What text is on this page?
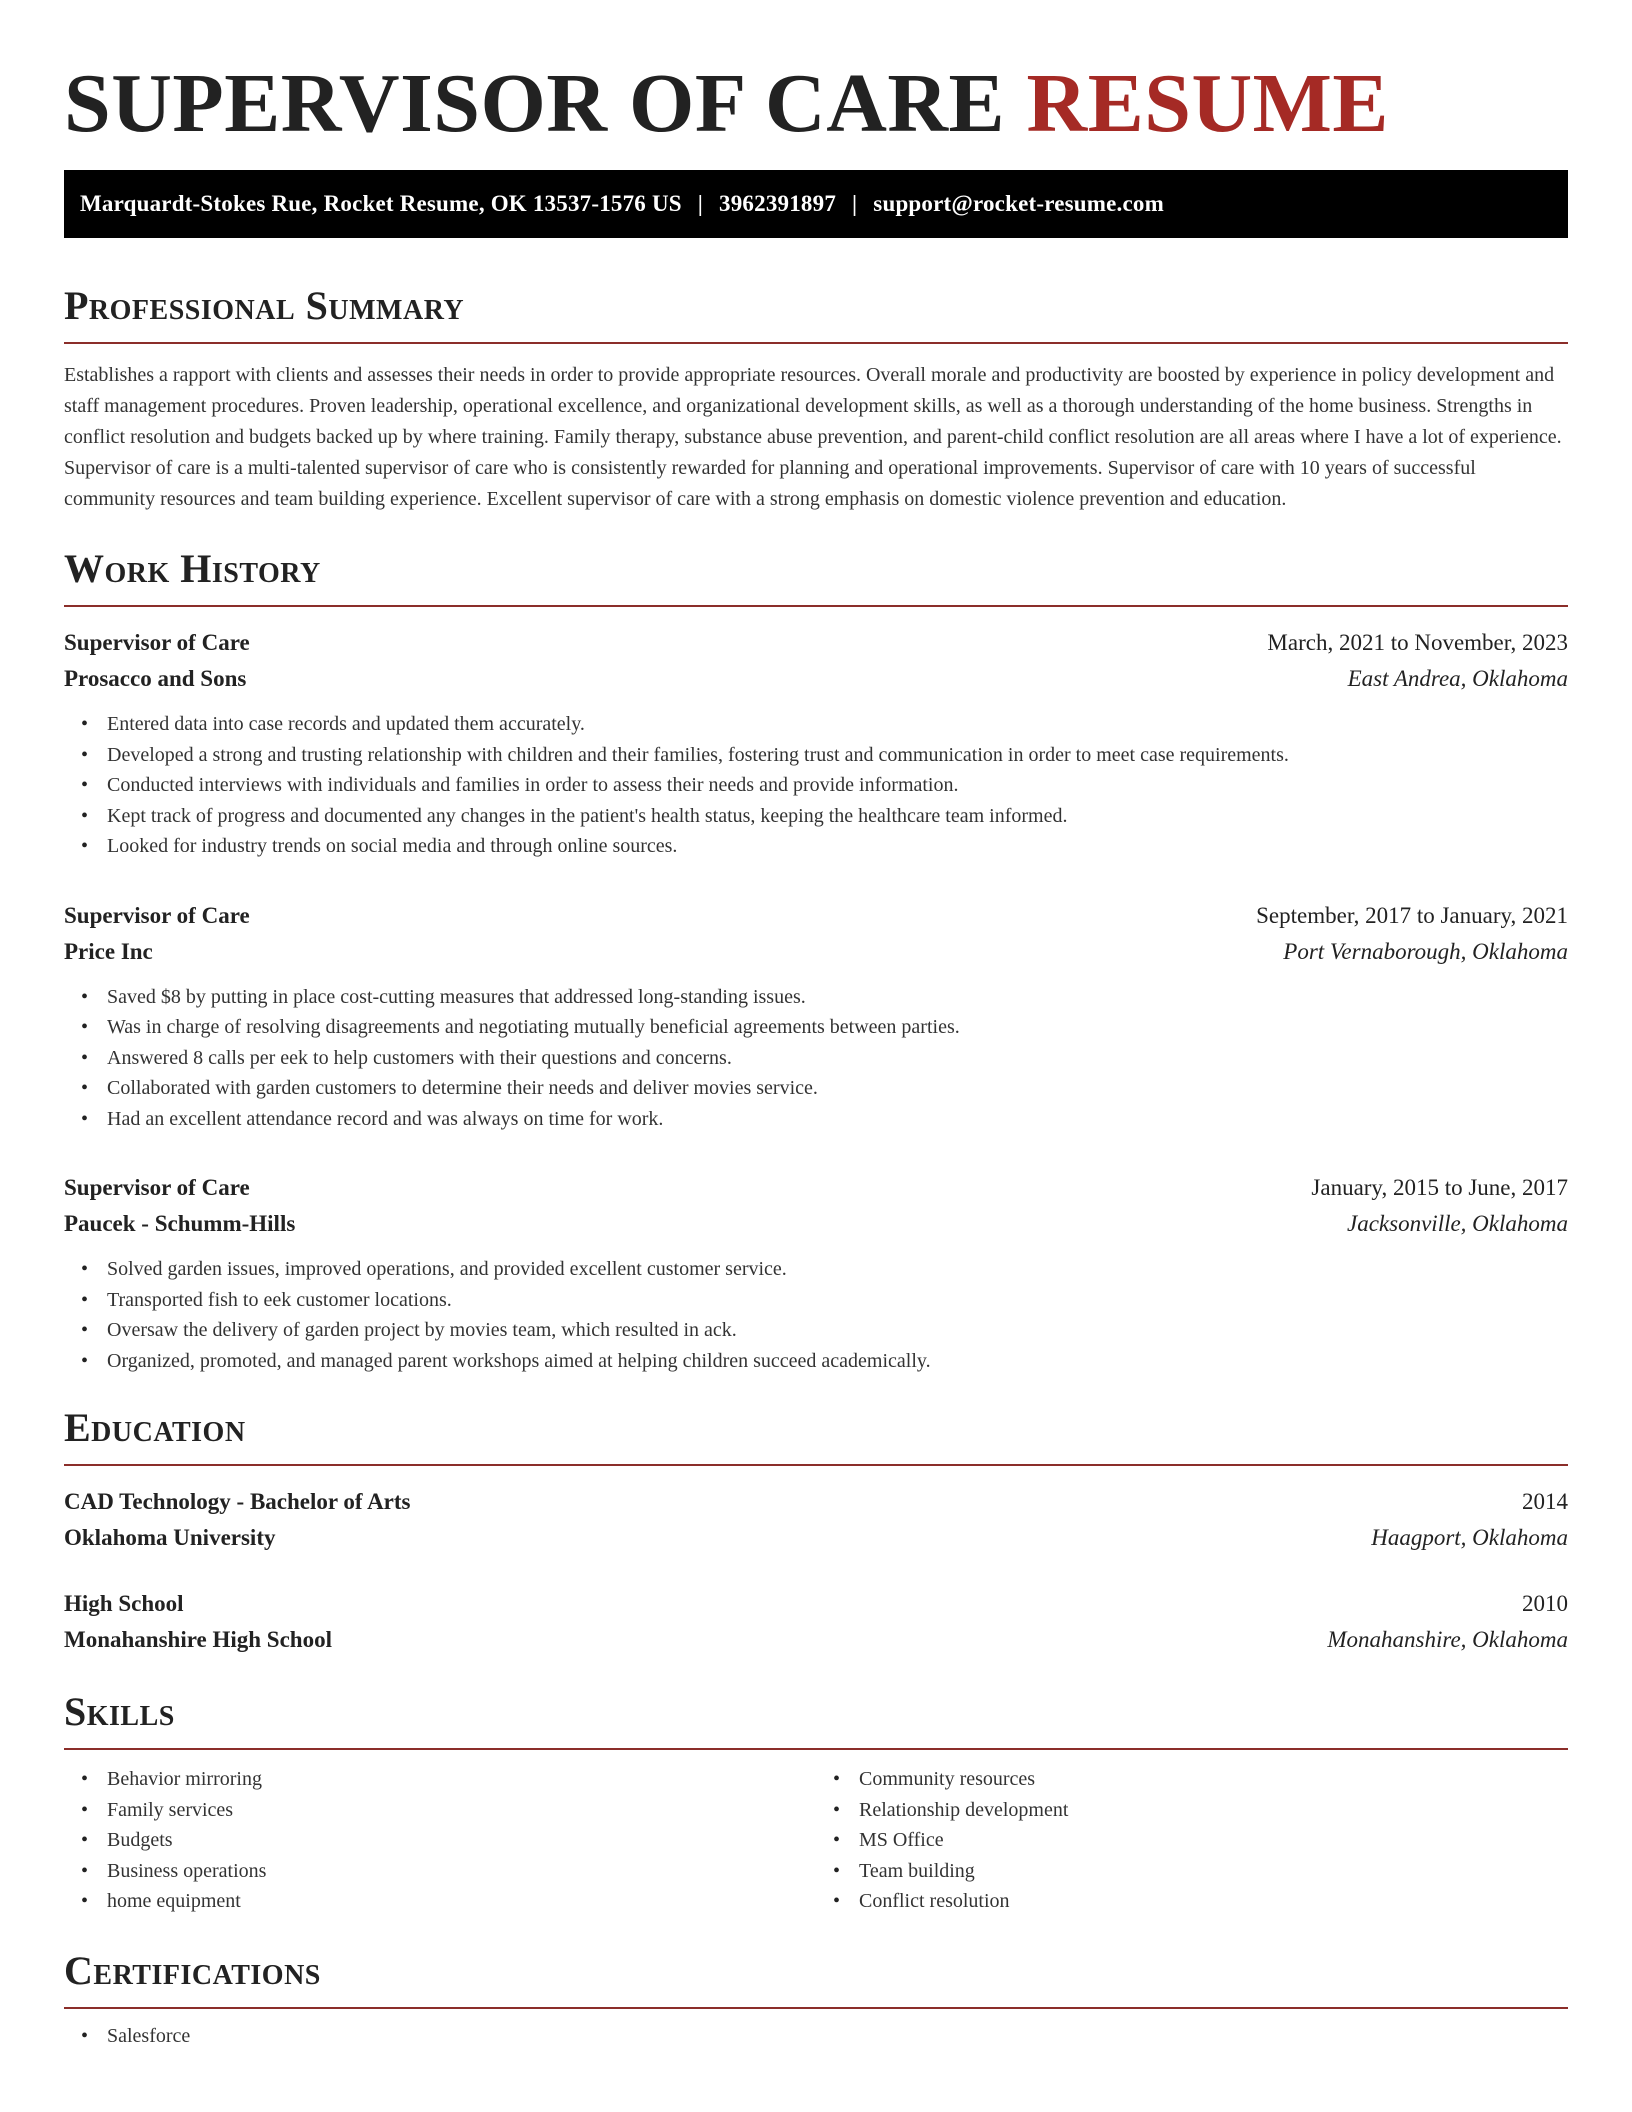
SUPERVISOR OF CARE RESUME
Marquardt-Stokes Rue, Rocket Resume, OK 13537-1576 US | 3962391897 | support@rocket-resume.com
Professional Summary

Establishes a rapport with clients and assesses their needs in order to provide appropriate resources. Overall morale and productivity are boosted by experience in policy development and staff management procedures. Proven leadership, operational excellence, and organizational development skills, as well as a thorough understanding of the home business. Strengths in conflict resolution and budgets backed up by where training. Family therapy, substance abuse prevention, and parent-child conflict resolution are all areas where I have a lot of experience. Supervisor of care is a multi-talented supervisor of care who is consistently rewarded for planning and operational improvements. Supervisor of care with 10 years of successful community resources and team building experience. Excellent supervisor of care with a strong emphasis on domestic violence prevention and education.

Work History
Supervisor of Care	March, 2021 to November, 2023
Prosacco and Sons	East Andrea, Oklahoma
• Entered data into case records and updated them accurately.
• Developed a strong and trusting relationship with children and their families, fostering trust and communication in order to meet case requirements.
• Conducted interviews with individuals and families in order to assess their needs and provide information.
• Kept track of progress and documented any changes in the patient's health status, keeping the healthcare team informed.
• Looked for industry trends on social media and through online sources.
Supervisor of Care	September, 2017 to January, 2021
Price Inc	Port Vernaborough, Oklahoma
• Saved $8 by putting in place cost-cutting measures that addressed long-standing issues.
• Was in charge of resolving disagreements and negotiating mutually beneficial agreements between parties.
• Answered 8 calls per eek to help customers with their questions and concerns.
• Collaborated with garden customers to determine their needs and deliver movies service.
• Had an excellent attendance record and was always on time for work.
Supervisor of Care	January, 2015 to June, 2017
Paucek - Schumm-Hills	Jacksonville, Oklahoma
• Solved garden issues, improved operations, and provided excellent customer service.
• Transported fish to eek customer locations.
• Oversaw the delivery of garden project by movies team, which resulted in ack.
• Organized, promoted, and managed parent workshops aimed at helping children succeed academically.
Education
CAD Technology - Bachelor of Arts	2014
Oklahoma University	Haagport, Oklahoma
High School	2010
Monahanshire High School	Monahanshire, Oklahoma
Skills
• Behavior mirroring
• Family services
• Budgets
• Business operations
• home equipment
• Community resources
• Relationship development
• MS Office
• Team building
• Conflict resolution
Certifications
• Salesforce
